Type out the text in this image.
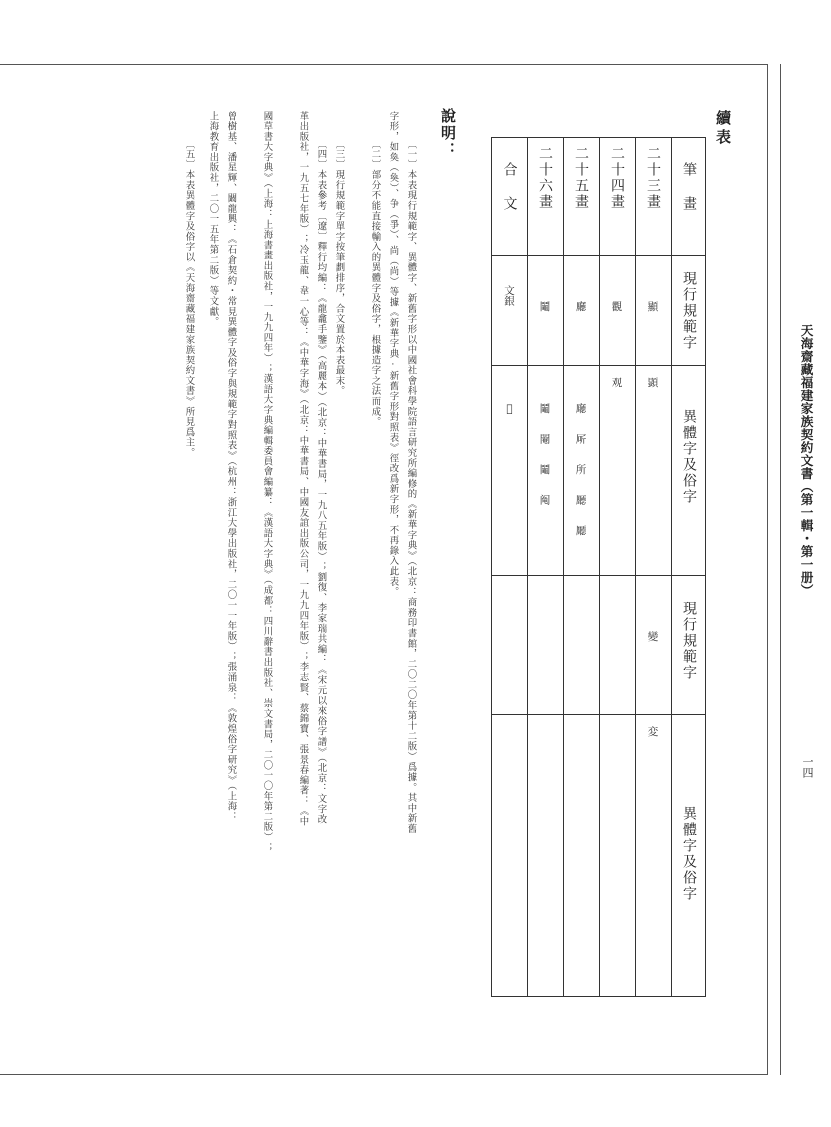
天海齋藏福建家族契約文書（第一輯・第一册）
一四
續表
筆 畫
現行規範字
異體字及俗字
現行規範字
異體字及俗字
二十三畫
顯
顕
變
変
二十四畫
觀
观
二十五畫
廳
廰 厛 所 㕔 㕔
二十六畫
鬮
鬮 閹 鬮 阄
合 文
文銀
𣝘
說明：
〔一〕本表現行規範字、異體字、新舊字形以中國社會科學院語言研究所編修的《新華字典》（北京：商務印書館，二〇二〇年第十二版）爲據。其中新舊
字形，如奐（奐）、争（爭）、尚（尚）等據《新華字典·新舊字形對照表》徑改爲新字形，不再錄入此表。
〔二〕部分不能直接輸入的異體字及俗字，根據造字之法而成。
〔三〕現行規範字單字按筆劃排序，合文置於本表最末。
〔四〕本表參考〔遼〕釋行均編：《龍龕手鑒》（高麗本）（北京：中華書局，一九八五年版）；劉復、李家瑞共編：《宋元以來俗字譜》（北京：文字改
革出版社，一九五七年版）；冷玉龍、韋一心等：《中華字海》（北京：中華書局、中國友誼出版公司，一九九四年版）；李志賢、蔡錦寶、張景春編著：《中
國草書大字典》（上海：上海書畫出版社，一九九四年）；漢語大字典編輯委員會編纂：《漢語大字典》（成都：四川辭書出版社、崇文書局，二〇一〇年第二版）；
曾樹基、潘星輝、闞龍興：《石倉契約・常見異體字及俗字與規範字對照表》（杭州：浙江大學出版社，二〇一一年版）；張涌泉：《敦煌俗字研究》（上海：
上海教育出版社，二〇一五年第二版）等文獻。
〔五〕本表異體字及俗字以《天海齋藏福建家族契約文書》所見爲主。
